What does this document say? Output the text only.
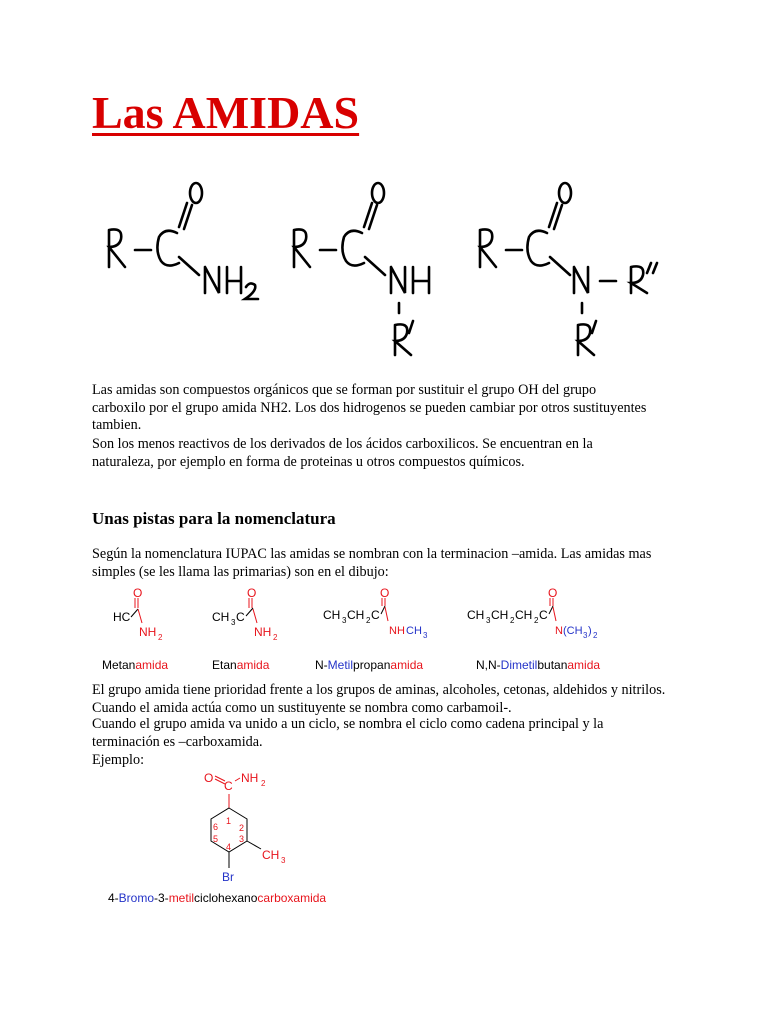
Las AMIDAS

Las amidas son compuestos orgánicos que se forman por sustituir el grupo OH del grupo carboxilo por el grupo amida NH2. Los dos hidrogenos se pueden cambiar por otros sustituyentes tambien.

Son los menos reactivos de los derivados de los ácidos carboxilicos. Se encuentran en la naturaleza, por ejemplo en forma de proteinas u otros compuestos químicos.

Unas pistas para la nomenclatura

Según la nomenclatura IUPAC las amidas se nombran con la terminacion –amida. Las amidas mas simples (se les llama las primarias) son en el dibujo:

HC
O
NH 2
CH 3 C
O
NH 2
CH 3 CH 2 C
O
NH CH 3
CH 3 CH 2 CH 2 C
O
N (CH 3 ) 2
Metanamida	Etanamida	N-Metilpropanamida	N,N-Dimetilbutanamida

El grupo amida tiene prioridad frente a los grupos de aminas, alcoholes, cetonas, aldehidos y nitrilos. Cuando el amida actúa como un sustituyente se nombra como carbamoil-.

Cuando el grupo amida va unido a un ciclo, se nombra el ciclo como cadena principal y la terminación es –carboxamida.

Ejemplo:

O
C
NH 2
1
2
3
4
5
6
CH 3
Br
4-Bromo-3-metilciclohexanocarboxamida
